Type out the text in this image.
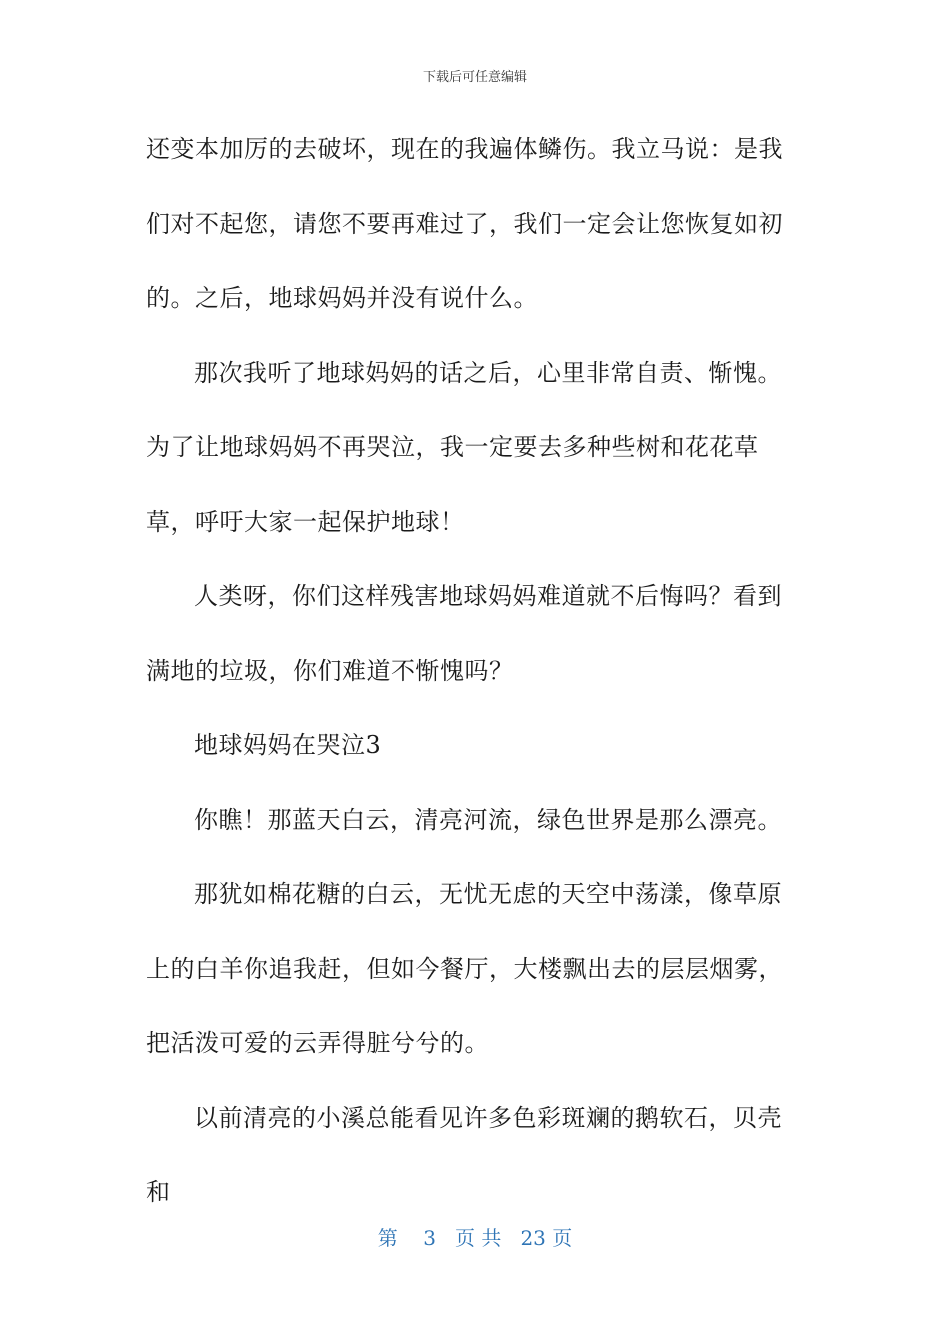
下载后可任意编辑

还变本加厉的去破坏，现在的我遍体鳞伤。我立马说：是我们对不起您，请您不要再难过了，我们一定会让您恢复如初的。之后，地球妈妈并没有说什么。

那次我听了地球妈妈的话之后，心里非常自责、惭愧。为了让地球妈妈不再哭泣，我一定要去多种些树和花花草草，呼吁大家一起保护地球！

人类呀，你们这样残害地球妈妈难道就不后悔吗？看到满地的垃圾，你们难道不惭愧吗？

地球妈妈在哭泣3

你瞧！那蓝天白云，清亮河流，绿色世界是那么漂亮。

那犹如棉花糖的白云，无忧无虑的天空中荡漾，像草原上的白羊你追我赶，但如今餐厅，大楼飘出去的层层烟雾，把活泼可爱的云弄得脏兮兮的。

以前清亮的小溪总能看见许多色彩斑斓的鹅软石，贝壳和

第 3 页 共 23 页
